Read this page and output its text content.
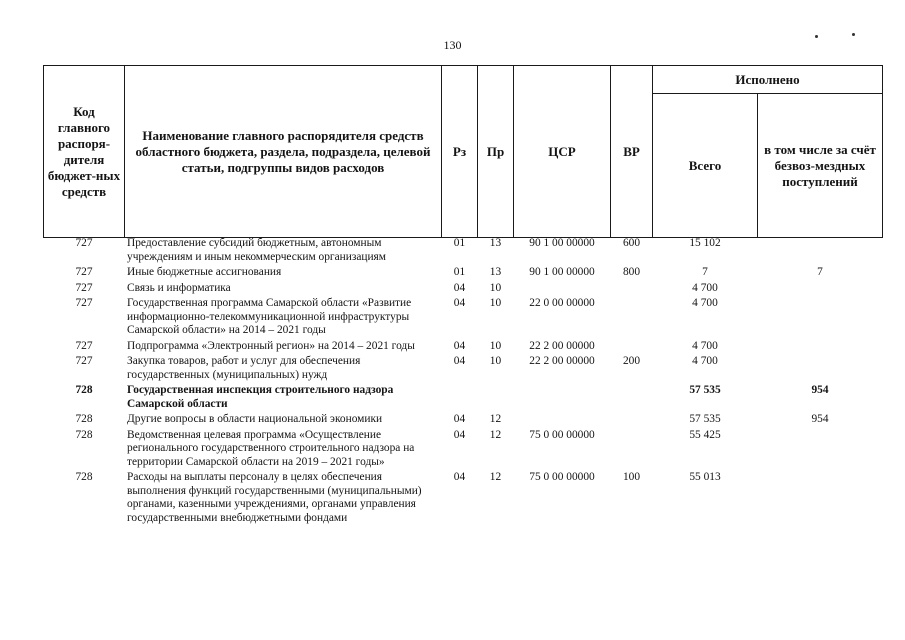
130
Код главного распоря-дителя бюджет-ных средств	Наименование главного распорядителя средств областного бюджета, раздела, подраздела, целевой статьи, подгруппы видов расходов	Рз	Пр	ЦСР	ВР	Исполнено	
						Всего	в том числе за счёт безвоз-мездных поступлений
727	Предоставление субсидий бюджетным, автономным учреждениям и иным некоммерческим организациям	01	13	90 1 00 00000	600	15 102	
727	Иные бюджетные ассигнования	01	13	90 1 00 00000	800	7	7
727	Связь и информатика	04	10			4 700	
727	Государственная программа Самарской области «Развитие информационно-телекоммуникационной инфраструктуры Самарской области» на 2014 – 2021 годы	04	10	22 0 00 00000		4 700	
727	Подпрограмма «Электронный регион» на 2014 – 2021 годы	04	10	22 2 00 00000		4 700	
727	Закупка товаров, работ и услуг для обеспечения государственных (муниципальных) нужд	04	10	22 2 00 00000	200	4 700	
728	Государственная инспекция строительного надзора Самарской области					57 535	954
728	Другие вопросы в области национальной экономики	04	12			57 535	954
728	Ведомственная целевая программа «Осуществление регионального государственного строительного надзора на территории Самарской области на 2019 – 2021 годы»	04	12	75 0 00 00000		55 425	
728	Расходы на выплаты персоналу в целях обеспечения выполнения функций государственными (муниципальными) органами, казенными учреждениями, органами управления государственными внебюджетными фондами	04	12	75 0 00 00000	100	55 013	
